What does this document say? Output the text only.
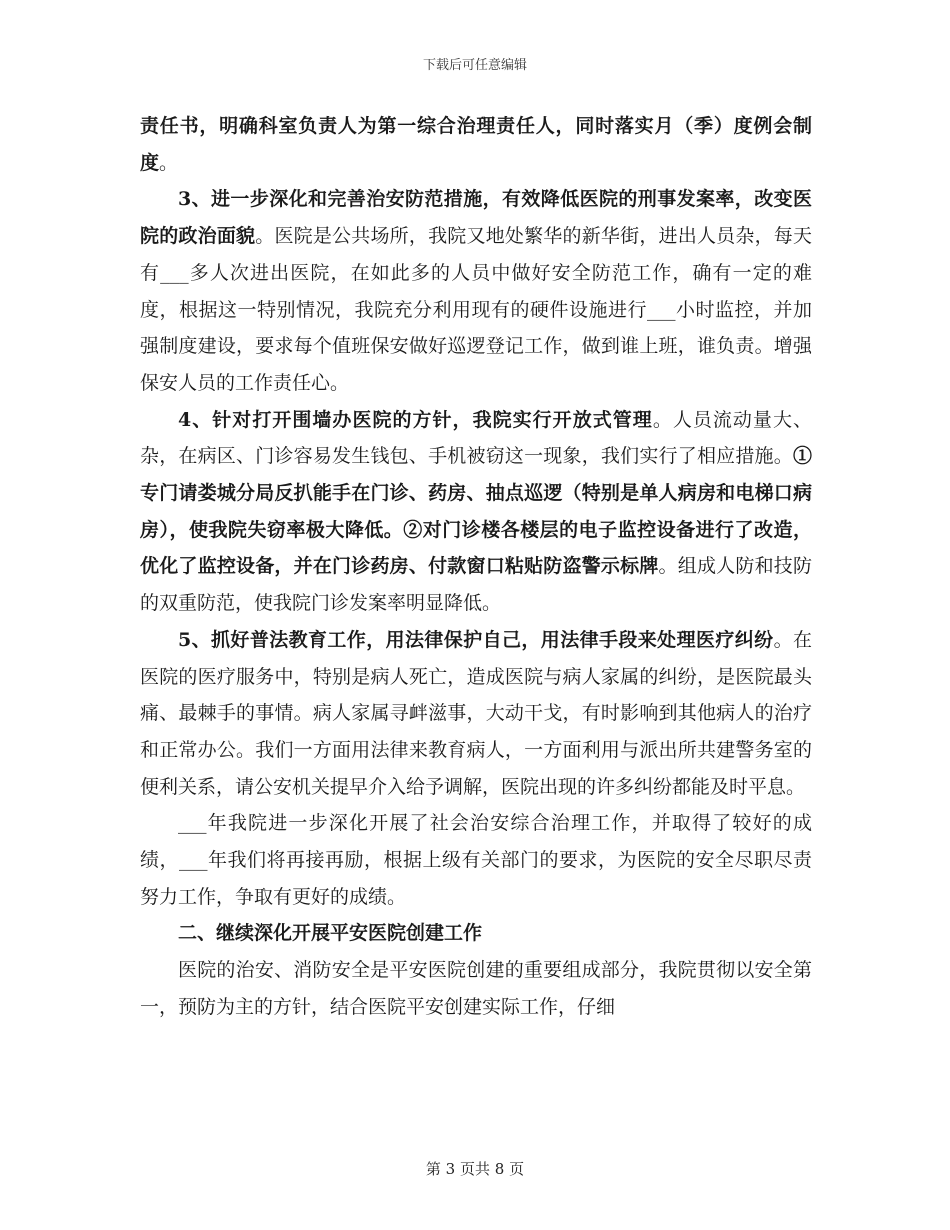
下载后可任意编辑

责任书，明确科室负责人为第一综合治理责任人，同时落实月（季）度例会制度。

3、进一步深化和完善治安防范措施，有效降低医院的刑事发案率，改变医院的政治面貌。医院是公共场所，我院又地处繁华的新华街，进出人员杂，每天有___多人次进出医院，在如此多的人员中做好安全防范工作，确有一定的难度，根据这一特别情况，我院充分利用现有的硬件设施进行___小时监控，并加强制度建设，要求每个值班保安做好巡逻登记工作，做到谁上班，谁负责。增强保安人员的工作责任心。

4、针对打开围墙办医院的方针，我院实行开放式管理。人员流动量大、杂，在病区、门诊容易发生钱包、手机被窃这一现象，我们实行了相应措施。①专门请娄城分局反扒能手在门诊、药房、抽点巡逻（特别是单人病房和电梯口病房），使我院失窃率极大降低。②对门诊楼各楼层的电子监控设备进行了改造，优化了监控设备，并在门诊药房、付款窗口粘贴防盗警示标牌。组成人防和技防的双重防范，使我院门诊发案率明显降低。

5、抓好普法教育工作，用法律保护自己，用法律手段来处理医疗纠纷。在医院的医疗服务中，特别是病人死亡，造成医院与病人家属的纠纷，是医院最头痛、最棘手的事情。病人家属寻衅滋事，大动干戈，有时影响到其他病人的治疗和正常办公。我们一方面用法律来教育病人，一方面利用与派出所共建警务室的便利关系，请公安机关提早介入给予调解，医院出现的许多纠纷都能及时平息。

___年我院进一步深化开展了社会治安综合治理工作，并取得了较好的成绩，___年我们将再接再励，根据上级有关部门的要求，为医院的安全尽职尽责努力工作，争取有更好的成绩。

二、继续深化开展平安医院创建工作

医院的治安、消防安全是平安医院创建的重要组成部分，我院贯彻以安全第一，预防为主的方针，结合医院平安创建实际工作，仔细

第 3 页共 8 页
